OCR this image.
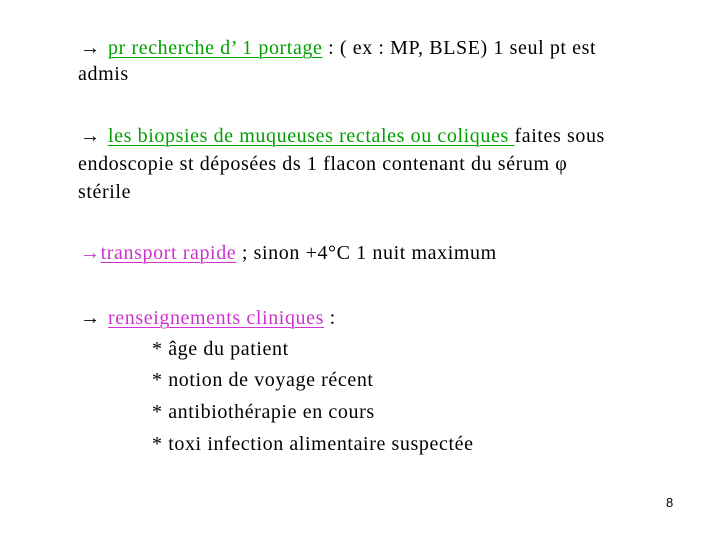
→ pr recherche d’ 1 portage : ( ex : MP, BLSE) 1 seul pt est
admis
→ les biopsies de muqueuses rectales ou coliques faites sous
endoscopie st déposées ds 1 flacon contenant du sérum φ
stérile
→transport rapide ; sinon +4°C 1 nuit maximum
→ renseignements cliniques :
* âge du patient
* notion de voyage récent
* antibiothérapie en cours
* toxi infection alimentaire suspectée
8
